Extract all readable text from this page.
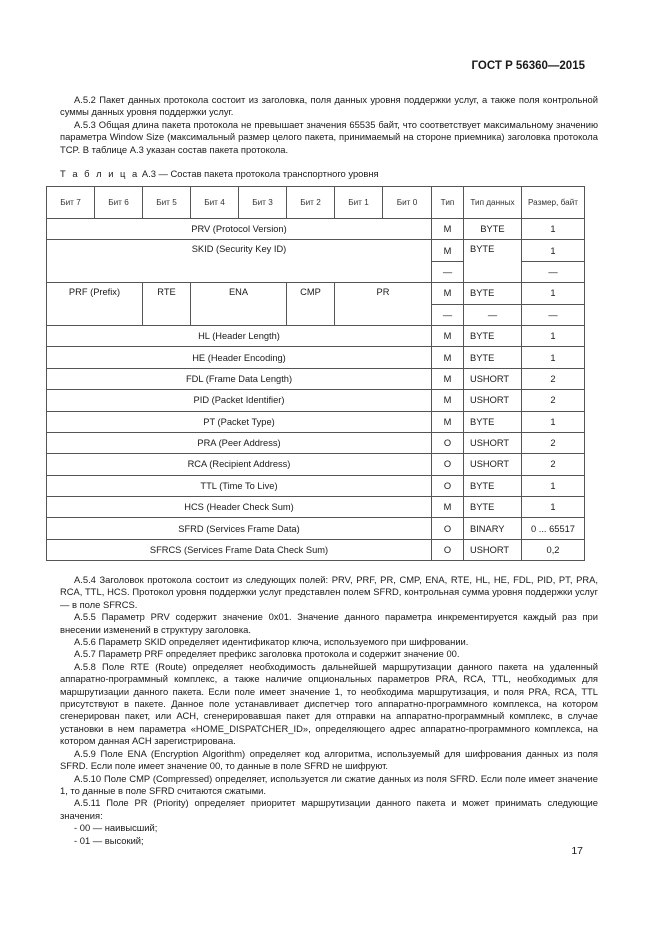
ГОСТ Р 56360—2015

А.5.2 Пакет данных протокола состоит из заголовка, поля данных уровня поддержки услуг, а также поля контрольной суммы данных уровня поддержки услуг.

А.5.3 Общая длина пакета протокола не превышает значения 65535 байт, что соответствует максимальному значению параметра Window Size (максимальный размер целого пакета, принимаемый на стороне приемника) заголовка протокола TCP. В таблице А.3 указан состав пакета протокола.

Т а б л и ц а А.3 — Состав пакета протокола транспортного уровня
Бит 7	Бит 6	Бит 5	Бит 4	Бит 3	Бит 2	Бит 1	Бит 0	Тип	Тип данных	Размер, байт
PRV (Protocol Version)								M	BYTE	1
SKID (Security Key ID)								M	BYTE	1
								—		—
PRF (Prefix)		RTE	ENA		CMP	PR		M	BYTE	1
								—	—	—
HL (Header Length)								M	BYTE	1
HE (Header Encoding)								M	BYTE	1
FDL (Frame Data Length)								M	USHORT	2
PID (Packet Identifier)								M	USHORT	2
PT (Packet Type)								M	BYTE	1
PRA (Peer Address)								O	USHORT	2
RCA (Recipient Address)								O	USHORT	2
TTL (Time To Live)								O	BYTE	1
HCS (Header Check Sum)								M	BYTE	1
SFRD (Services Frame Data)								O	BINARY	0 ... 65517
SFRCS (Services Frame Data Check Sum)								O	USHORT	0,2

А.5.4 Заголовок протокола состоит из следующих полей: PRV, PRF, PR, CMP, ENA, RTE, HL, HE, FDL, PID, PT, PRA, RCA, TTL, HCS. Протокол уровня поддержки услуг представлен полем SFRD, контрольная сумма уровня поддержки услуг — в поле SFRCS.

А.5.5 Параметр PRV содержит значение 0x01. Значение данного параметра инкрементируется каждый раз при внесении изменений в структуру заголовка.

А.5.6 Параметр SKID определяет идентификатор ключа, используемого при шифровании.

А.5.7 Параметр PRF определяет префикс заголовка протокола и содержит значение 00.

А.5.8 Поле RTE (Route) определяет необходимость дальнейшей маршрутизации данного пакета на удаленный аппаратно-программный комплекс, а также наличие опциональных параметров PRA, RCA, TTL, необходимых для маршрутизации данного пакета. Если поле имеет значение 1, то необходима маршрутизация, и поля PRA, RCA, TTL присутствуют в пакете. Данное поле устанавливает диспетчер того аппаратно-программного комплекса, на котором сгенерирован пакет, или АСН, сгенерировавшая пакет для отправки на аппаратно-программный комплекс, в случае установки в нем параметра «HOME_DISPATCHER_ID», определяющего адрес аппаратно-программного комплекса, на котором данная АСН зарегистрирована.

А.5.9 Поле ENA (Encryption Algorithm) определяет код алгоритма, используемый для шифрования данных из поля SFRD. Если поле имеет значение 00, то данные в поле SFRD не шифруют.

А.5.10 Поле CMP (Compressed) определяет, используется ли сжатие данных из поля SFRD. Если поле имеет значение 1, то данные в поле SFRD считаются сжатыми.

А.5.11 Поле PR (Priority) определяет приоритет маршрутизации данного пакета и может принимать следующие значения:

- 00 — наивысший;

- 01 — высокий;

17
